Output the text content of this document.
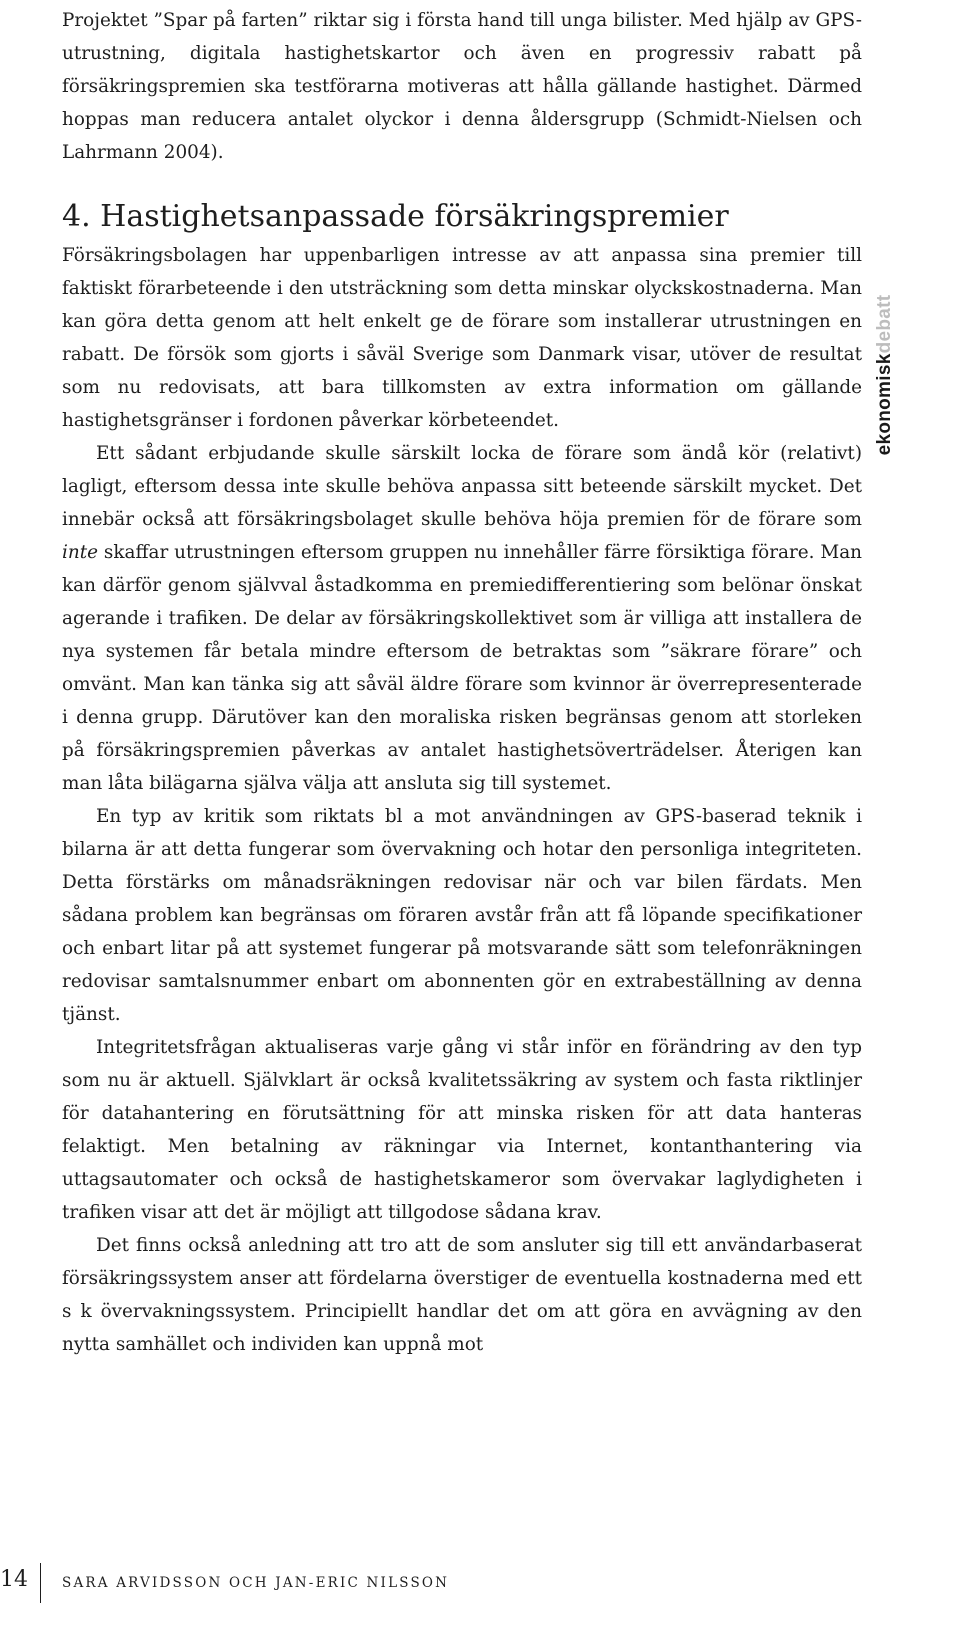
Projektet ”Spar på farten” riktar sig i första hand till unga bilister. Med hjälp av GPS-utrustning, digitala hastighetskartor och även en progressiv rabatt på försäkringspremien ska testförarna motiveras att hålla gällande hastighet. Därmed hoppas man reducera antalet olyckor i denna åldersgrupp (Schmidt-Nielsen och Lahrmann 2004).

4. Hastighetsanpassade försäkringspremier

Försäkringsbolagen har uppenbarligen intresse av att anpassa sina premier till faktiskt förarbeteende i den utsträckning som detta minskar olyckskostnaderna. Man kan göra detta genom att helt enkelt ge de förare som installerar utrustningen en rabatt. De försök som gjorts i såväl Sverige som Danmark visar, utöver de resultat som nu redovisats, att bara tillkomsten av extra information om gällande hastighetsgränser i fordonen påverkar körbeteendet.

Ett sådant erbjudande skulle särskilt locka de förare som ändå kör (relativt) lagligt, eftersom dessa inte skulle behöva anpassa sitt beteende särskilt mycket. Det innebär också att försäkringsbolaget skulle behöva höja premien för de förare som inte skaffar utrustningen eftersom gruppen nu innehåller färre försiktiga förare. Man kan därför genom självval åstadkomma en premiedifferentiering som belönar önskat agerande i trafiken. De delar av försäkringskollektivet som är villiga att installera de nya systemen får betala mindre eftersom de betraktas som ”säkrare förare” och omvänt. Man kan tänka sig att såväl äldre förare som kvinnor är överrepresenterade i denna grupp. Därutöver kan den moraliska risken begränsas genom att storleken på försäkringspremien påverkas av antalet hastighetsöverträdelser. Återigen kan man låta bilägarna själva välja att ansluta sig till systemet.

En typ av kritik som riktats bl a mot användningen av GPS-baserad teknik i bilarna är att detta fungerar som övervakning och hotar den personliga integriteten. Detta förstärks om månadsräkningen redovisar när och var bilen färdats. Men sådana problem kan begränsas om föraren avstår från att få löpande specifikationer och enbart litar på att systemet fungerar på motsvarande sätt som telefonräkningen redovisar samtalsnummer enbart om abonnenten gör en extrabeställning av denna tjänst.

Integritetsfrågan aktualiseras varje gång vi står inför en förändring av den typ som nu är aktuell. Självklart är också kvalitetssäkring av system och fasta riktlinjer för datahantering en förutsättning för att minska risken för att data hanteras felaktigt. Men betalning av räkningar via Internet, kontanthantering via uttagsautomater och också de hastighetskameror som övervakar laglydigheten i trafiken visar att det är möjligt att tillgodose sådana krav.

Det finns också anledning att tro att de som ansluter sig till ett användarbaserat försäkringssystem anser att fördelarna överstiger de eventuella kostnaderna med ett s k övervakningssystem. Principiellt handlar det om att göra en avvägning av den nytta samhället och individen kan uppnå mot

ekonomiskdebatt
14	SARA ARVIDSSON OCH JAN-ERIC NILSSON
